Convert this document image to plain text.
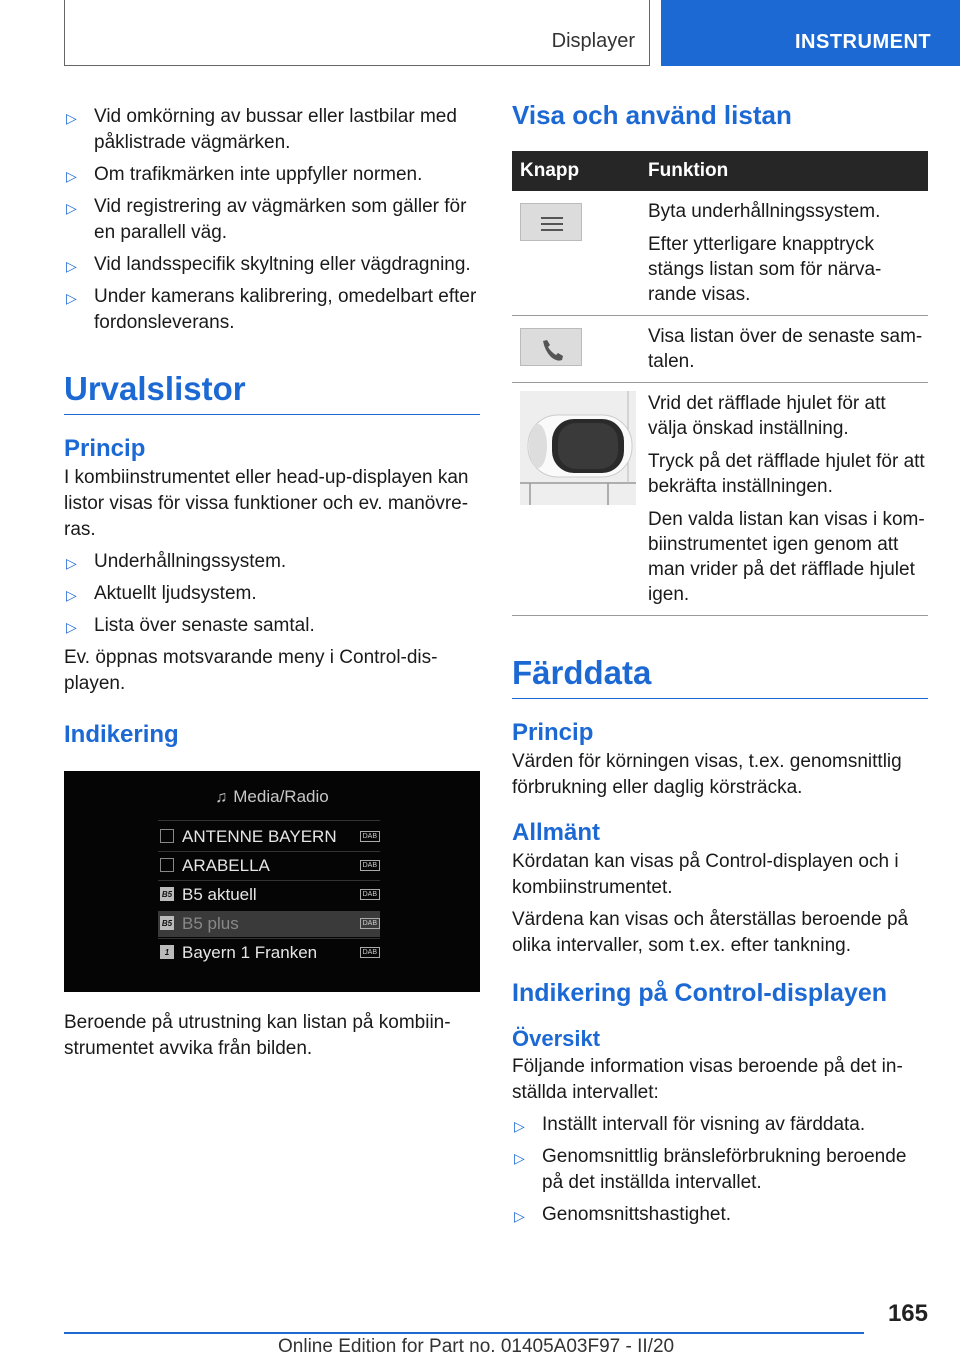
Displayer	INSTRUMENT
▷ Vid omkörning av bussar eller lastbilar med påklistrade vägmärken.
▷ Om trafikmärken inte uppfyller normen.
▷ Vid registrering av vägmärken som gäller för en parallell väg.
▷ Vid landsspecifik skyltning eller vägdragning.
▷ Under kamerans kalibrering, omedelbart efter fordonsleverans.
Urvalslistor
Princip

I kombiinstrumentet eller head-up-displayen kan listor visas för vissa funktioner och ev. manövre-ras.

▷ Underhållningssystem.
▷ Aktuellt ljudsystem.
▷ Lista över senaste samtal.

Ev. öppnas motsvarande meny i Control-dis-playen.

Indikering
♫ Media/Radio
ANTENNE BAYERN	DAB
ARABELLA	DAB
B5 B5 aktuell	DAB
B5 B5 plus	DAB
1 Bayern 1 Franken	DAB

Beroende på utrustning kan listan på kombiin-strumentet avvika från bilden.

Visa och använd listan
Knapp	Funktion

	Byta underhållningssystem.

Efter ytterligare knapptryck stängs listan som för närva-rande visas.

Visa listan över de senaste sam-talen.

Vrid det räfflade hjulet för att välja önskad inställning.

Tryck på det räfflade hjulet för att bekräfta inställningen.

Den valda listan kan visas i kom-biinstrumentet igen genom att man vrider på det räfflade hjulet igen.

Färddata
Princip

Värden för körningen visas, t.ex. genomsnittlig förbrukning eller daglig körsträcka.

Allmänt

Kördatan kan visas på Control-displayen och i kombiinstrumentet.

Värdena kan visas och återställas beroende på olika intervaller, som t.ex. efter tankning.

Indikering på Control-displayen
Översikt

Följande information visas beroende på det in-ställda intervallet:

▷ Inställt intervall för visning av färddata.
▷ Genomsnittlig bränsleförbrukning beroende på det inställda intervallet.
▷ Genomsnittshastighet.
165
Online Edition for Part no. 01405A03F97 - II/20
